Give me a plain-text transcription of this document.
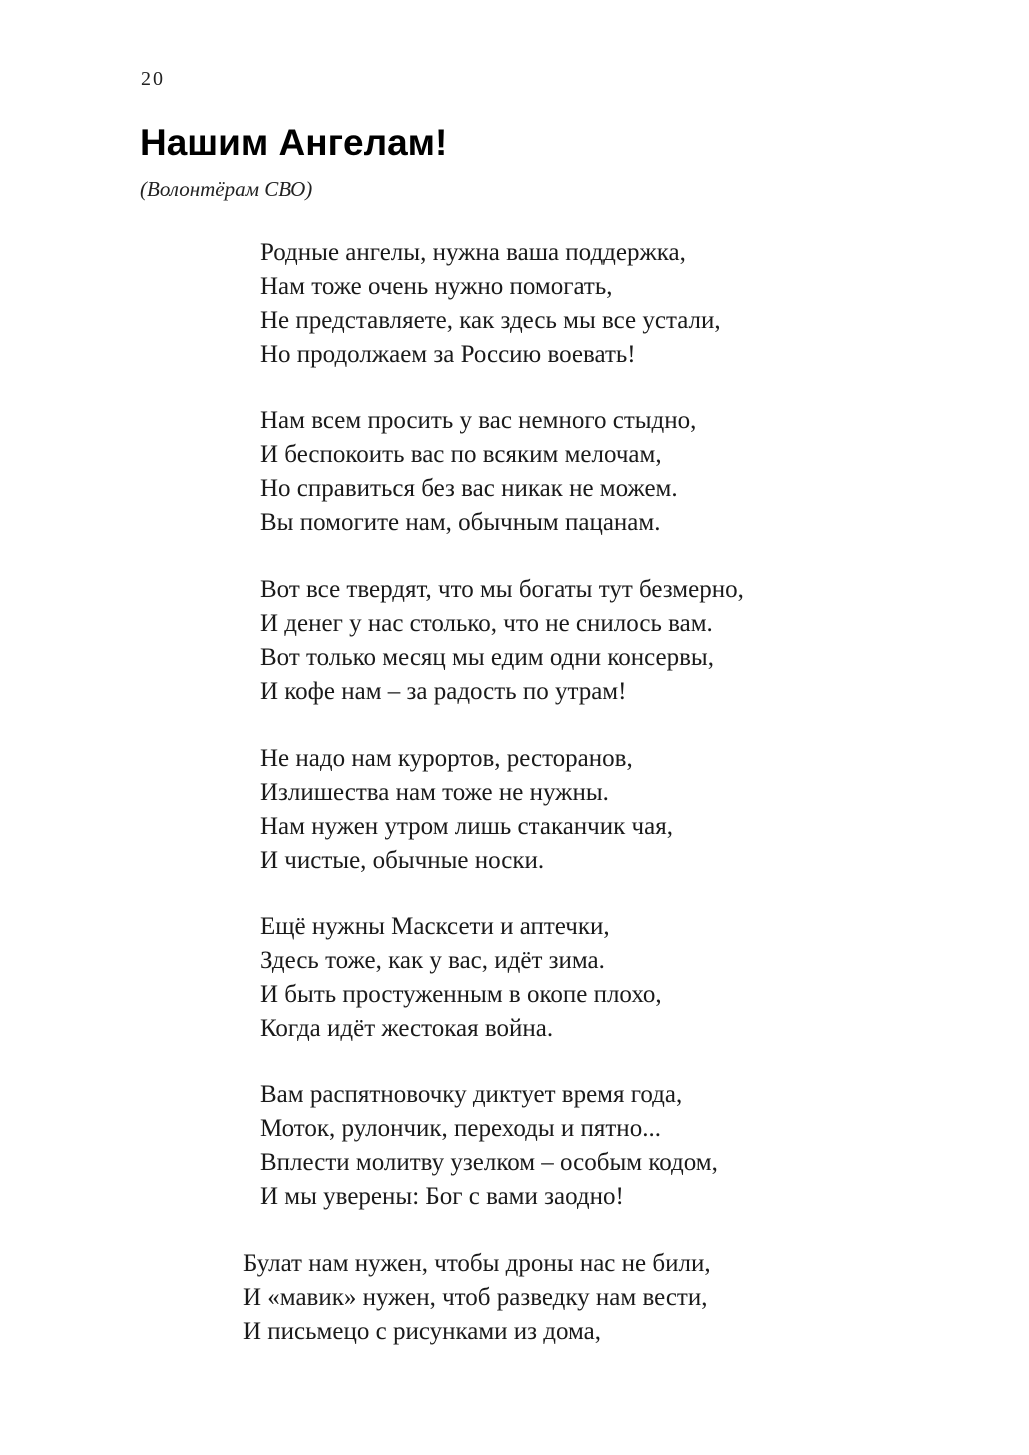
20
Нашим Ангелам!
(Волонтёрам СВО)
Родные ангелы, нужна ваша поддержка,
Нам тоже очень нужно помогать,
Не представляете, как здесь мы все устали,
Но продолжаем за Россию воевать!
Нам всем просить у вас немного стыдно,
И беспокоить вас по всяким мелочам,
Но справиться без вас никак не можем.
Вы помогите нам, обычным пацанам.
Вот все твердят, что мы богаты тут безмерно,
И денег у нас столько, что не снилось вам.
Вот только месяц мы едим одни консервы,
И кофе нам – за радость по утрам!
Не надо нам курортов, ресторанов,
Излишества нам тоже не нужны.
Нам нужен утром лишь стаканчик чая,
И чистые, обычные носки.
Ещё нужны Масксети и аптечки,
Здесь тоже, как у вас, идёт зима.
И быть простуженным в окопе плохо,
Когда идёт жестокая война.
Вам распятновочку диктует время года,
Моток, рулончик, переходы и пятно...
Вплести молитву узелком – особым кодом,
И мы уверены: Бог с вами заодно!
Булат нам нужен, чтобы дроны нас не били,
И «мавик» нужен, чтоб разведку нам вести,
И письмецо с рисунками из дома,
